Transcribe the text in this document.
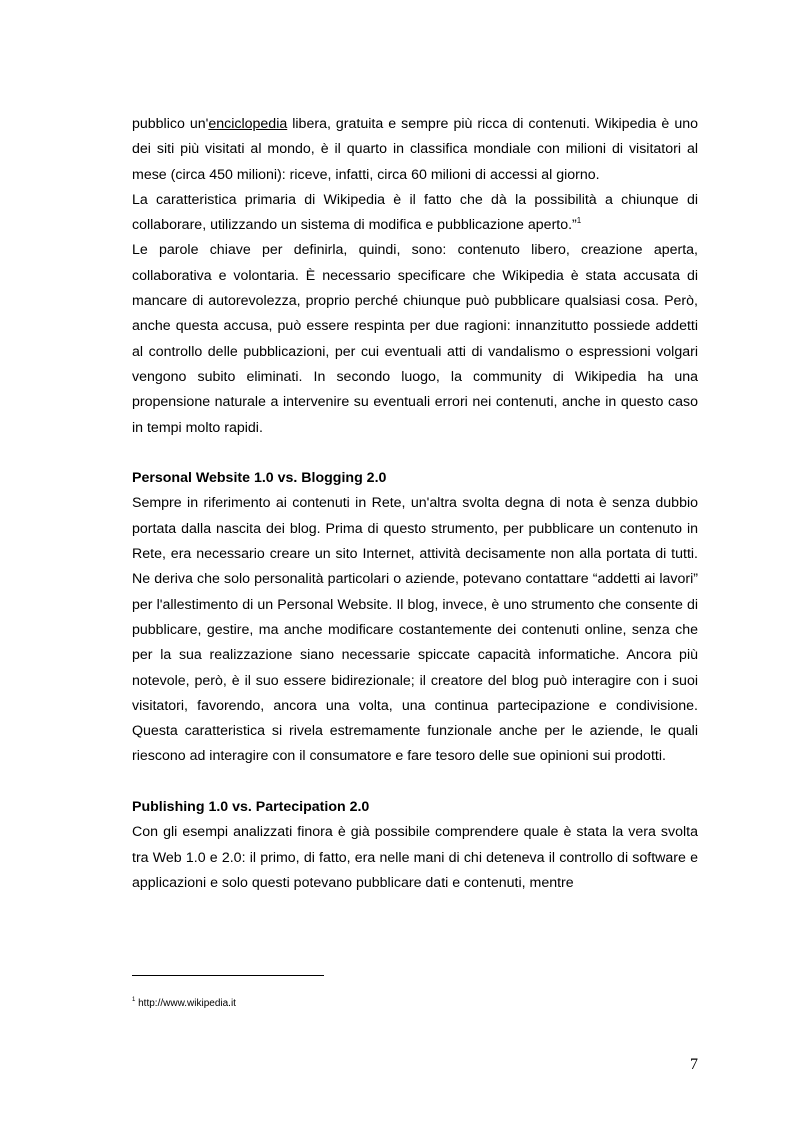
pubblico un'enciclopedia libera, gratuita e sempre più ricca di contenuti. Wikipedia è uno dei siti più visitati al mondo, è il quarto in classifica mondiale con milioni di visitatori al mese (circa 450 milioni): riceve, infatti, circa 60 milioni di accessi al giorno.

La caratteristica primaria di Wikipedia è il fatto che dà la possibilità a chiunque di collaborare, utilizzando un sistema di modifica e pubblicazione aperto.”$^1$

Le parole chiave per definirla, quindi, sono: contenuto libero, creazione aperta, collaborativa e volontaria. È necessario specificare che Wikipedia è stata accusata di mancare di autorevolezza, proprio perché chiunque può pubblicare qualsiasi cosa. Però, anche questa accusa, può essere respinta per due ragioni: innanzitutto possiede addetti al controllo delle pubblicazioni, per cui eventuali atti di vandalismo o espressioni volgari vengono subito eliminati. In secondo luogo, la community di Wikipedia ha una propensione naturale a intervenire su eventuali errori nei contenuti, anche in questo caso in tempi molto rapidi.

Personal Website 1.0 vs. Blogging 2.0

Sempre in riferimento ai contenuti in Rete, un'altra svolta degna di nota è senza dubbio portata dalla nascita dei blog. Prima di questo strumento, per pubblicare un contenuto in Rete, era necessario creare un sito Internet, attività decisamente non alla portata di tutti. Ne deriva che solo personalità particolari o aziende, potevano contattare “addetti ai lavori” per l'allestimento di un Personal Website. Il blog, invece, è uno strumento che consente di pubblicare, gestire, ma anche modificare costantemente dei contenuti online, senza che per la sua realizzazione siano necessarie spiccate capacità informatiche. Ancora più notevole, però, è il suo essere bidirezionale; il creatore del blog può interagire con i suoi visitatori, favorendo, ancora una volta, una continua partecipazione e condivisione. Questa caratteristica si rivela estremamente funzionale anche per le aziende, le quali riescono ad interagire con il consumatore e fare tesoro delle sue opinioni sui prodotti.

Publishing 1.0 vs. Partecipation 2.0

Con gli esempi analizzati finora è già possibile comprendere quale è stata la vera svolta tra Web 1.0 e 2.0: il primo, di fatto, era nelle mani di chi deteneva il controllo di software e applicazioni e solo questi potevano pubblicare dati e contenuti, mentre

$^1$ http://www.wikipedia.it
7
